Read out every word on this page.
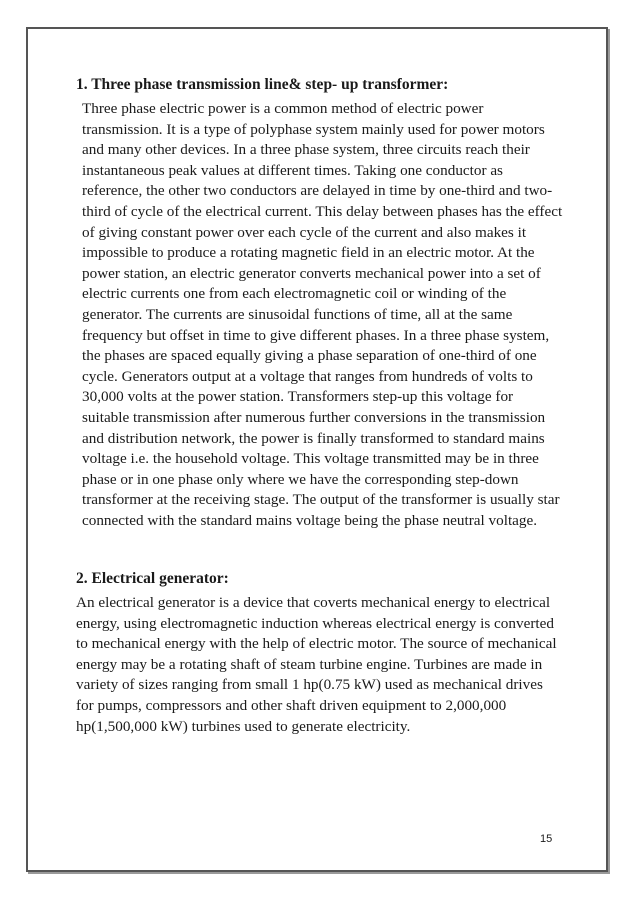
1. Three phase transmission line& step- up transformer:

Three phase electric power is a common method of electric power
transmission. It is a type of polyphase system mainly used for power motors
and many other devices. In a three phase system, three circuits reach their
instantaneous peak values at different times. Taking one conductor as
reference, the other two conductors are delayed in time by one-third and two-
third of cycle of the electrical current. This delay between phases has the effect
of giving constant power over each cycle of the current and also makes it
impossible to produce a rotating magnetic field in an electric motor. At the
power station, an electric generator converts mechanical power into a set of
electric currents one from each electromagnetic coil or winding of the
generator. The currents are sinusoidal functions of time, all at the same
frequency but offset in time to give different phases. In a three phase system,
the phases are spaced equally giving a phase separation of one-third of one
cycle. Generators output at a voltage that ranges from hundreds of volts to
30,000 volts at the power station. Transformers step-up this voltage for
suitable transmission after numerous further conversions in the transmission
and distribution network, the power is finally transformed to standard mains
voltage i.e. the household voltage. This voltage transmitted may be in three
phase or in one phase only where we have the corresponding step-down
transformer at the receiving stage. The output of the transformer is usually star
connected with the standard mains voltage being the phase neutral voltage.

2. Electrical generator:

An electrical generator is a device that coverts mechanical energy to electrical
energy, using electromagnetic induction whereas electrical energy is converted
to mechanical energy with the help of electric motor. The source of mechanical
energy may be a rotating shaft of steam turbine engine. Turbines are made in
variety of sizes ranging from small 1 hp(0.75 kW) used as mechanical drives
for pumps, compressors and other shaft driven equipment to 2,000,000
hp(1,500,000 kW) turbines used to generate electricity.

15
